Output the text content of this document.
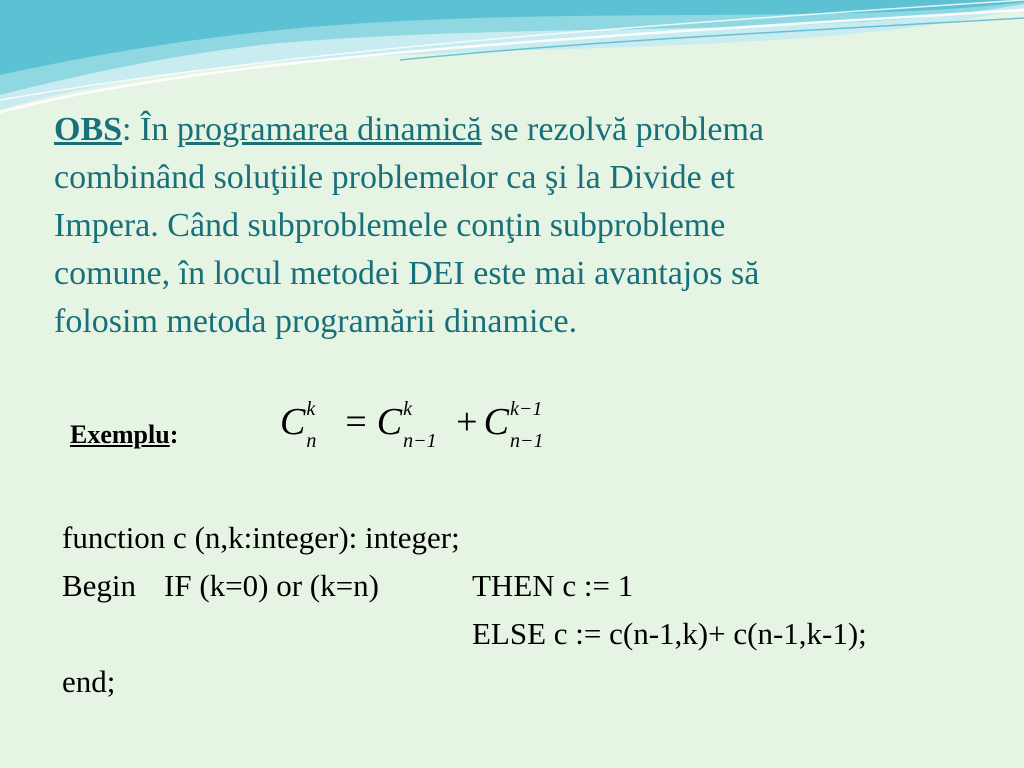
OBS: În programarea dinamică se rezolvă problema
combinând soluţiile problemelor ca şi la Divide et
Impera. Când subproblemele conţin subprobleme
comune, în locul metodei DEI este mai avantajos să
folosim metoda programării dinamice.

Exemplu:	C k
n = C k
n−1 + C k−1
n−1
function c (n,k:integer): integer;
Begin IF (k=0) or (k=n)	THEN c := 1
ELSE c := c(n-1,k)+ c(n-1,k-1);
end;
